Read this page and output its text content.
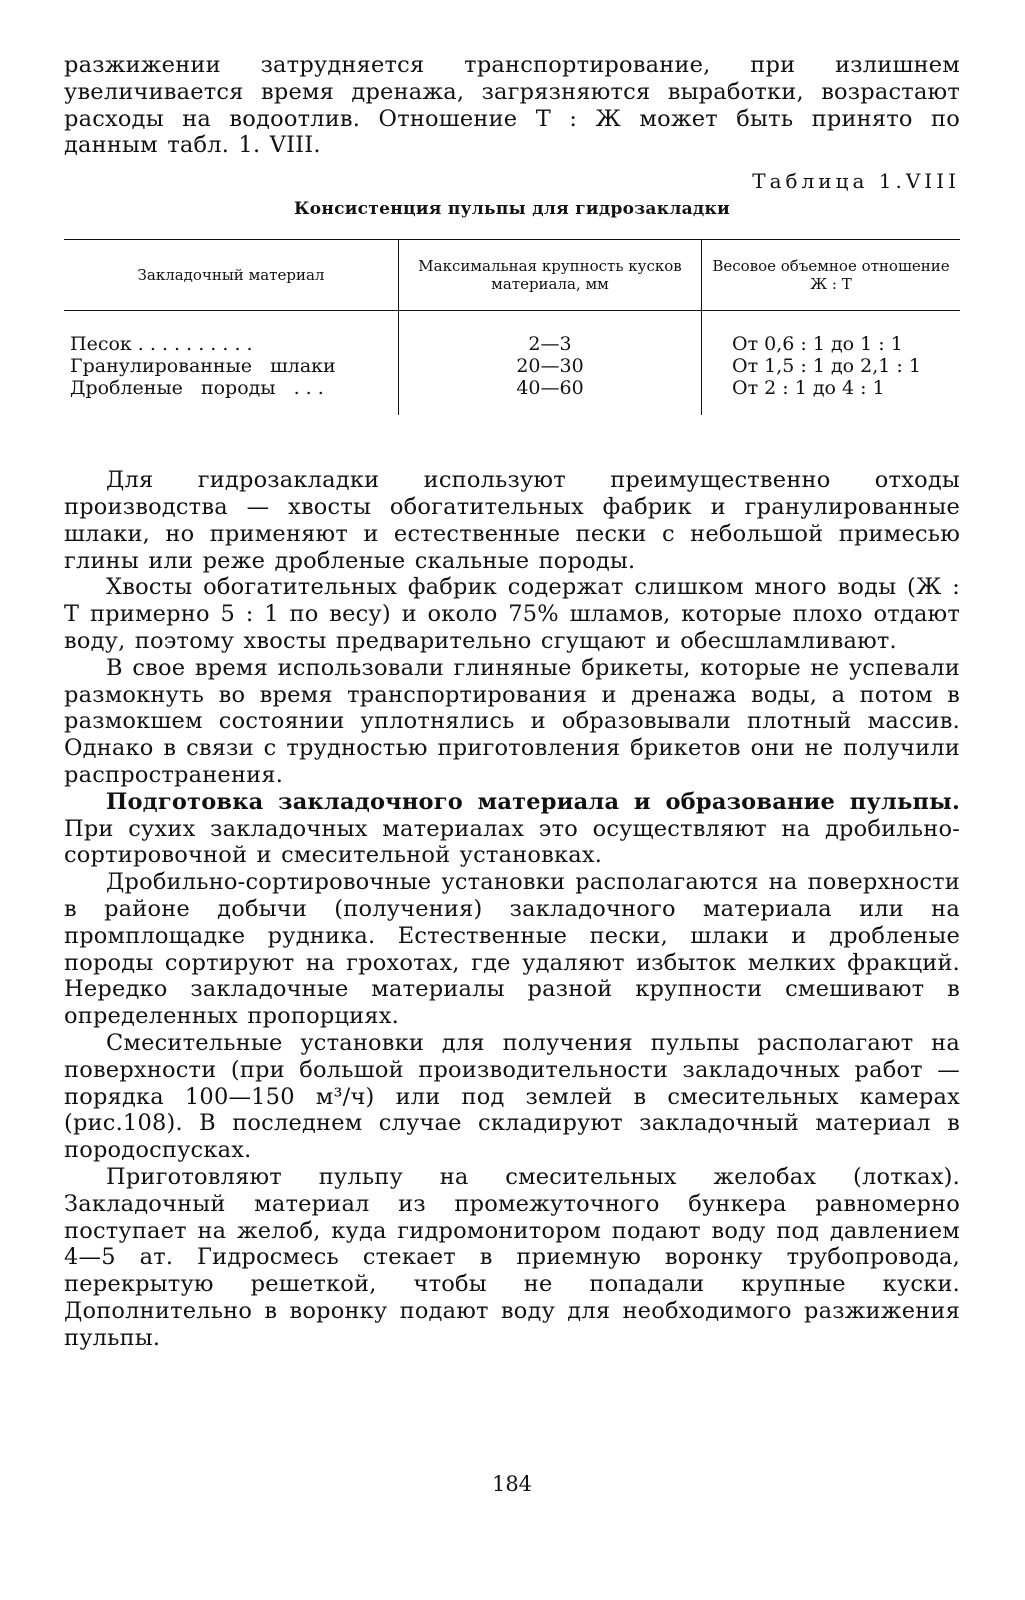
разжижении затрудняется транспортирование, при излишнем увеличивается время дренажа, загрязняются выработки, возрастают расходы на водоотлив. Отношение Т : Ж может быть принято по данным табл. 1. VIII.

Таблица 1.VIII
Консистенция пульпы для гидрозакладки
Закладочный материал	Максимальная крупность кусков материала, мм	Весовое объемное отношение Ж : Т
Песок . . . . . . . . . .	2—3	От 0,6 : 1 до 1 : 1
Гранулированные   шлаки	20—30	От 1,5 : 1 до 2,1 : 1
Дробленые   породы   . . .	40—60	От 2 : 1 до 4 : 1

Для гидрозакладки используют преимущественно отходы производства — хвосты обогатительных фабрик и гранулированные шлаки, но применяют и естественные пески с небольшой примесью глины или реже дробленые скальные породы.

Хвосты обогатительных фабрик содержат слишком много воды (Ж : Т примерно 5 : 1 по весу) и около 75% шламов, которые плохо отдают воду, поэтому хвосты предварительно сгущают и обесшламливают.

В свое время использовали глиняные брикеты, которые не успевали размокнуть во время транспортирования и дренажа воды, а потом в размокшем состоянии уплотнялись и образовывали плотный массив. Однако в связи с трудностью приготовления брикетов они не получили распространения.

Подготовка закладочного материала и образование пульпы. При сухих закладочных материалах это осуществляют на дробильно-сортировочной и смесительной установках.

Дробильно-сортировочные установки располагаются на поверхности в районе добычи (получения) закладочного материала или на промплощадке рудника. Естественные пески, шлаки и дробленые породы сортируют на грохотах, где удаляют избыток мелких фракций. Нередко закладочные материалы разной крупности смешивают в определенных пропорциях.

Смесительные установки для получения пульпы располагают на поверхности (при большой производительности закладочных работ — порядка 100—150 м³/ч) или под землей в смесительных камерах (рис.108). В последнем случае складируют закладочный материал в породоспусках.

Приготовляют пульпу на смесительных желобах (лотках). Закладочный материал из промежуточного бункера равномерно поступает на желоб, куда гидромонитором подают воду под давлением 4—5 ат. Гидросмесь стекает в приемную воронку трубопровода, перекрытую решеткой, чтобы не попадали крупные куски. Дополнительно в воронку подают воду для необходимого разжижения пульпы.

184
